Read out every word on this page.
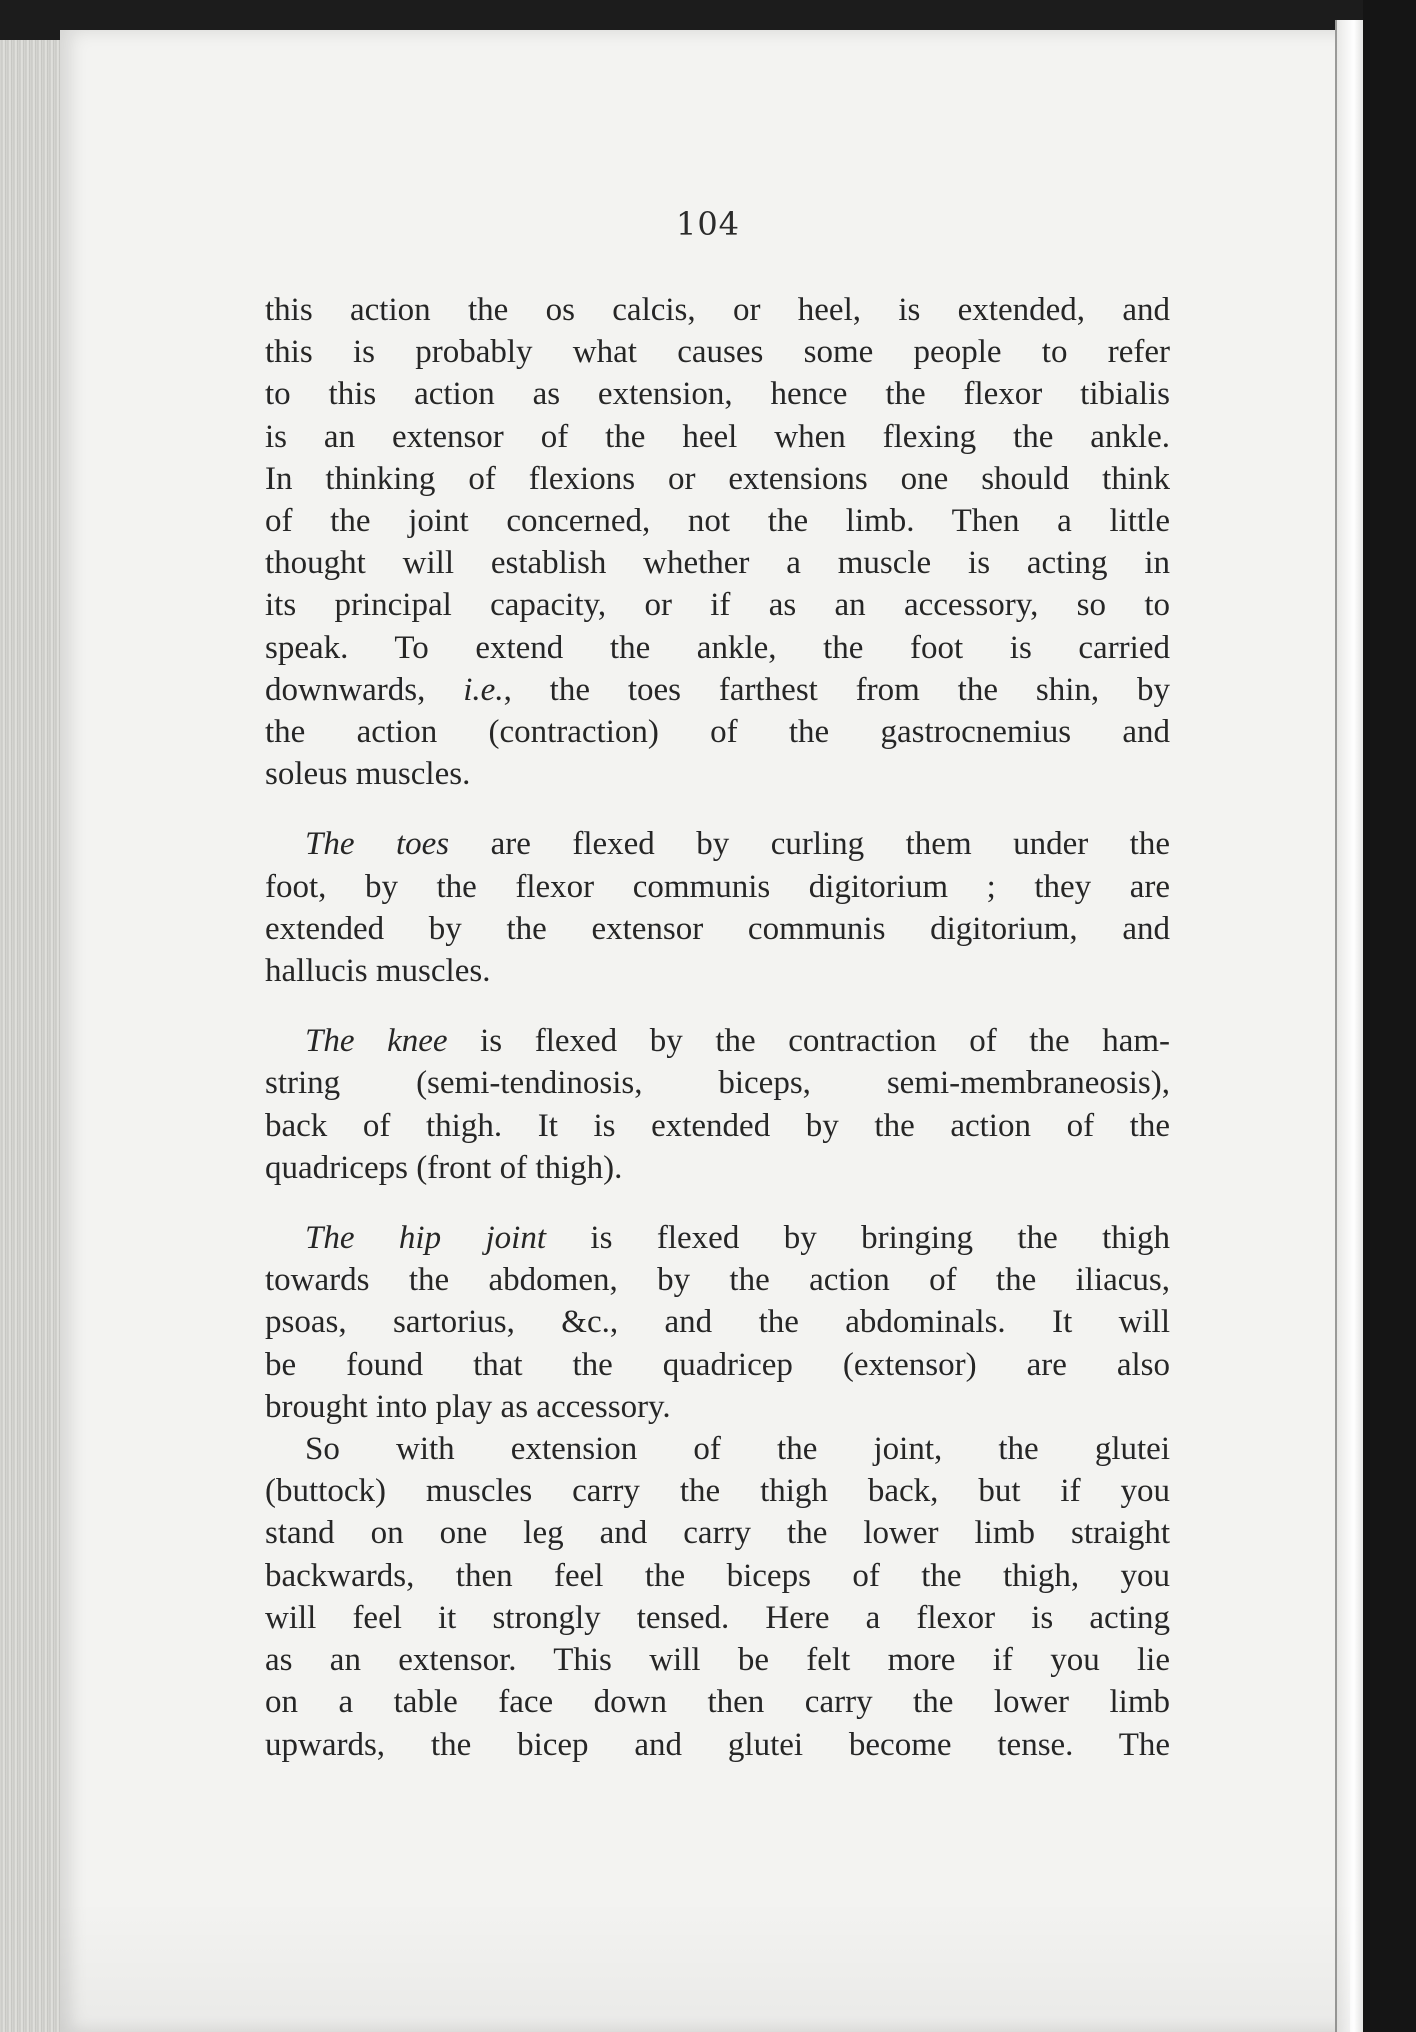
104

this action the os calcis, or heel, is extended, and
this is probably what causes some people to refer
to this action as extension, hence the flexor tibialis
is an extensor of the heel when flexing the ankle.
In thinking of flexions or extensions one should think
of the joint concerned, not the limb. Then a little
thought will establish whether a muscle is acting in
its principal capacity, or if as an accessory, so to
speak. To extend the ankle, the foot is carried
downwards, i.e., the toes farthest from the shin, by
the action (contraction) of the gastrocnemius and
soleus muscles.

The toes are flexed by curling them under the
foot, by the flexor communis digitorium ; they are
extended by the extensor communis digitorium, and
hallucis muscles.

The knee is flexed by the contraction of the ham-
string (semi-tendinosis, biceps, semi-membraneosis),
back of thigh. It is extended by the action of the
quadriceps (front of thigh).

The hip joint is flexed by bringing the thigh
towards the abdomen, by the action of the iliacus,
psoas, sartorius, &c., and the abdominals. It will
be found that the quadricep (extensor) are also
brought into play as accessory.

So with extension of the joint, the glutei
(buttock) muscles carry the thigh back, but if you
stand on one leg and carry the lower limb straight
backwards, then feel the biceps of the thigh, you
will feel it strongly tensed. Here a flexor is acting
as an extensor. This will be felt more if you lie
on a table face down then carry the lower limb
upwards, the bicep and glutei become tense. The
